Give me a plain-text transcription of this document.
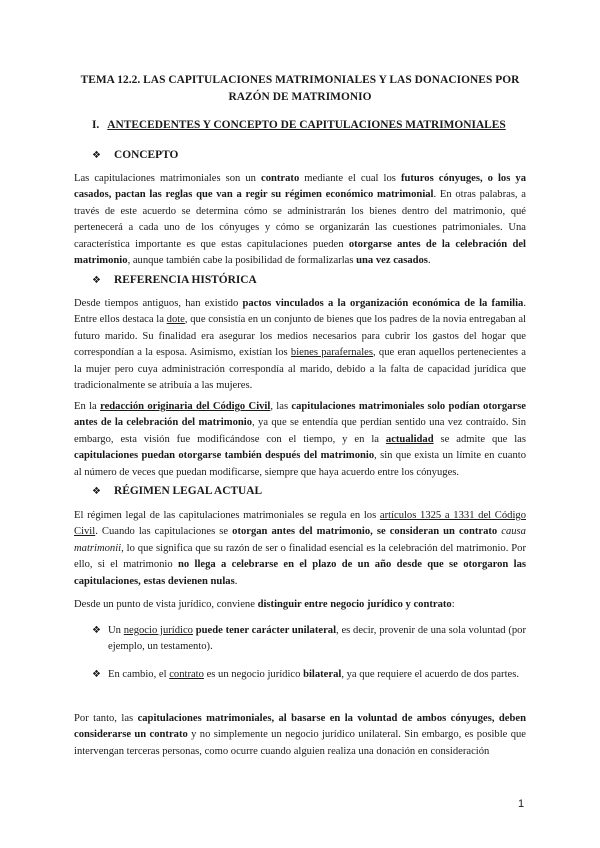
TEMA 12.2. LAS CAPITULACIONES MATRIMONIALES Y LAS DONACIONES POR
RAZÓN DE MATRIMONIO
I. ANTECEDENTES Y CONCEPTO DE CAPITULACIONES MATRIMONIALES
❖ CONCEPTO
Las capitulaciones matrimoniales son un contrato mediante el cual los futuros cónyuges, o los ya casados, pactan las reglas que van a regir su régimen económico matrimonial. En otras palabras, a través de este acuerdo se determina cómo se administrarán los bienes dentro del matrimonio, qué pertenecerá a cada uno de los cónyuges y cómo se organizarán las cuestiones patrimoniales. Una característica importante es que estas capitulaciones pueden otorgarse antes de la celebración del matrimonio, aunque también cabe la posibilidad de formalizarlas una vez casados.
❖ REFERENCIA HISTÓRICA
Desde tiempos antiguos, han existido pactos vinculados a la organización económica de la familia. Entre ellos destaca la dote, que consistía en un conjunto de bienes que los padres de la novia entregaban al futuro marido. Su finalidad era asegurar los medios necesarios para cubrir los gastos del hogar que correspondían a la esposa. Asimismo, existían los bienes parafernales, que eran aquellos pertenecientes a la mujer pero cuya administración correspondía al marido, debido a la falta de capacidad jurídica que tradicionalmente se atribuía a las mujeres.
En la redacción originaria del Código Civil, las capitulaciones matrimoniales solo podían otorgarse antes de la celebración del matrimonio, ya que se entendía que perdían sentido una vez contraído. Sin embargo, esta visión fue modificándose con el tiempo, y en la actualidad se admite que las capitulaciones puedan otorgarse también después del matrimonio, sin que exista un límite en cuanto al número de veces que puedan modificarse, siempre que haya acuerdo entre los cónyuges.
❖ RÉGIMEN LEGAL ACTUAL
El régimen legal de las capitulaciones matrimoniales se regula en los artículos 1325 a 1331 del Código Civil. Cuando las capitulaciones se otorgan antes del matrimonio, se consideran un contrato causa matrimonii, lo que significa que su razón de ser o finalidad esencial es la celebración del matrimonio. Por ello, si el matrimonio no llega a celebrarse en el plazo de un año desde que se otorgaron las capitulaciones, estas devienen nulas.
Desde un punto de vista jurídico, conviene distinguir entre negocio jurídico y contrato:
❖ Un negocio jurídico puede tener carácter unilateral, es decir, provenir de una sola voluntad (por ejemplo, un testamento).
❖ En cambio, el contrato es un negocio jurídico bilateral, ya que requiere el acuerdo de dos partes.
Por tanto, las capitulaciones matrimoniales, al basarse en la voluntad de ambos cónyuges, deben considerarse un contrato y no simplemente un negocio jurídico unilateral. Sin embargo, es posible que intervengan terceras personas, como ocurre cuando alguien realiza una donación en consideración
1
